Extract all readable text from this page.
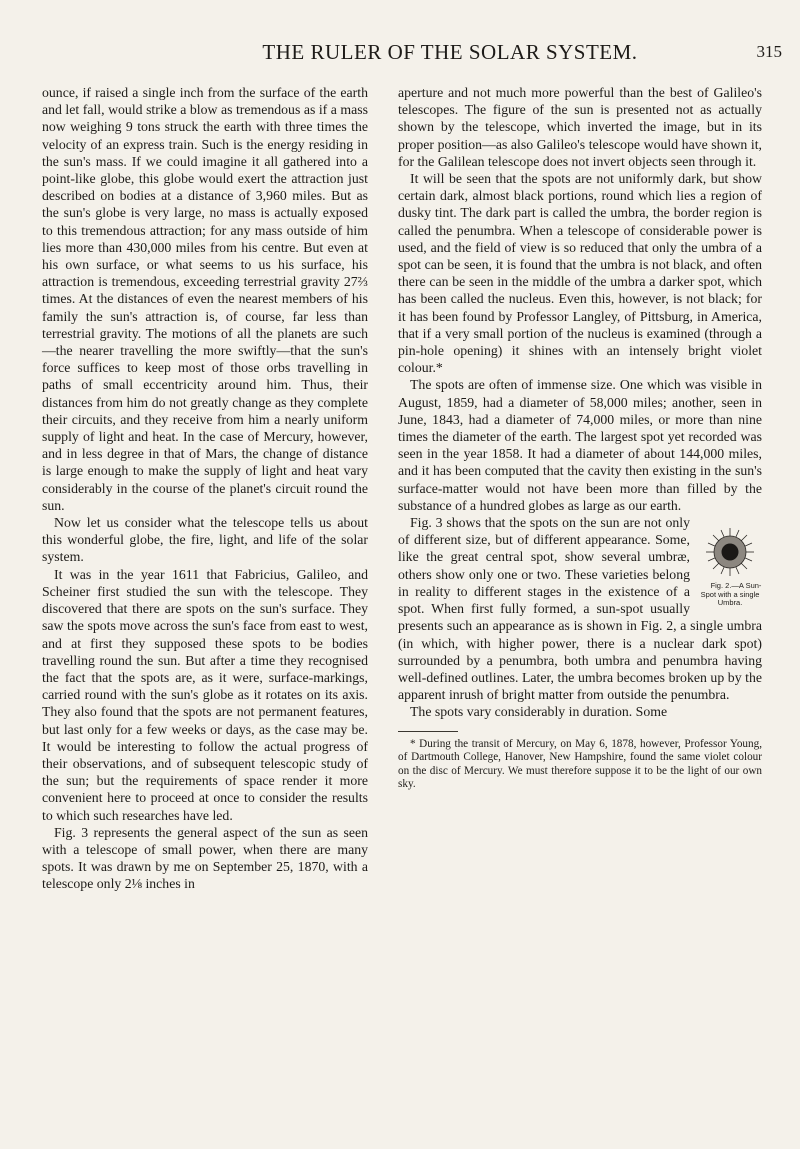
THE RULER OF THE SOLAR SYSTEM.	315

ounce, if raised a single inch from the surface of the earth and let fall, would strike a blow as tremendous as if a mass now weighing 9 tons struck the earth with three times the velocity of an express train. Such is the energy residing in the sun's mass. If we could imagine it all gathered into a point-like globe, this globe would exert the attraction just described on bodies at a distance of 3,960 miles. But as the sun's globe is very large, no mass is actually exposed to this tremendous attraction; for any mass outside of him lies more than 430,000 miles from his centre. But even at his own surface, or what seems to us his surface, his attraction is tremendous, exceeding terrestrial gravity 27⅔ times. At the distances of even the nearest members of his family the sun's attraction is, of course, far less than terrestrial gravity. The motions of all the planets are such—the nearer travelling the more swiftly—that the sun's force suffices to keep most of those orbs travelling in paths of small eccentricity around him. Thus, their distances from him do not greatly change as they complete their circuits, and they receive from him a nearly uniform supply of light and heat. In the case of Mercury, however, and in less degree in that of Mars, the change of distance is large enough to make the supply of light and heat vary considerably in the course of the planet's circuit round the sun.

Now let us consider what the telescope tells us about this wonderful globe, the fire, light, and life of the solar system.

It was in the year 1611 that Fabricius, Galileo, and Scheiner first studied the sun with the telescope. They discovered that there are spots on the sun's surface. They saw the spots move across the sun's face from east to west, and at first they supposed these spots to be bodies travelling round the sun. But after a time they recognised the fact that the spots are, as it were, surface-markings, carried round with the sun's globe as it rotates on its axis. They also found that the spots are not permanent features, but last only for a few weeks or days, as the case may be. It would be interesting to follow the actual progress of their observations, and of subsequent telescopic study of the sun; but the requirements of space render it more convenient here to proceed at once to consider the results to which such researches have led.

Fig. 3 represents the general aspect of the sun as seen with a telescope of small power, when there are many spots. It was drawn by me on September 25, 1870, with a telescope only 2⅛ inches in

aperture and not much more powerful than the best of Galileo's telescopes. The figure of the sun is presented not as actually shown by the telescope, which inverted the image, but in its proper position—as also Galileo's telescope would have shown it, for the Galilean telescope does not invert objects seen through it.

It will be seen that the spots are not uniformly dark, but show certain dark, almost black portions, round which lies a region of dusky tint. The dark part is called the umbra, the border region is called the penumbra. When a telescope of considerable power is used, and the field of view is so reduced that only the umbra of a spot can be seen, it is found that the umbra is not black, and often there can be seen in the middle of the umbra a darker spot, which has been called the nucleus. Even this, however, is not black; for it has been found by Professor Langley, of Pittsburg, in America, that if a very small portion of the nucleus is examined (through a pin-hole opening) it shines with an intensely bright violet colour.*

The spots are often of immense size. One which was visible in August, 1859, had a diameter of 58,000 miles; another, seen in June, 1843, had a diameter of 74,000 miles, or more than nine times the diameter of the earth. The largest spot yet recorded was seen in the year 1858. It had a diameter of about 144,000 miles, and it has been computed that the cavity then existing in the sun's surface-matter would not have been more than filled by the substance of a hundred globes as large as our earth.

Fig. 2.—A Sun-Spot with a single Umbra.
Fig. 3 shows that the spots on the sun are not only of different size, but of different appearance. Some, like the great central spot, show several umbræ, others show only one or two. These varieties belong in reality to different stages in the existence of a spot. When first fully formed, a sun-spot usually presents such an appearance as is shown in Fig. 2, a single umbra (in which, with higher power, there is a nuclear dark spot) surrounded by a penumbra, both umbra and penumbra having well-defined outlines. Later, the umbra becomes broken up by the apparent inrush of bright matter from outside the penumbra.

The spots vary considerably in duration. Some

* During the transit of Mercury, on May 6, 1878, however, Professor Young, of Dartmouth College, Hanover, New Hampshire, found the same violet colour on the disc of Mercury. We must therefore suppose it to be the light of our own sky.
